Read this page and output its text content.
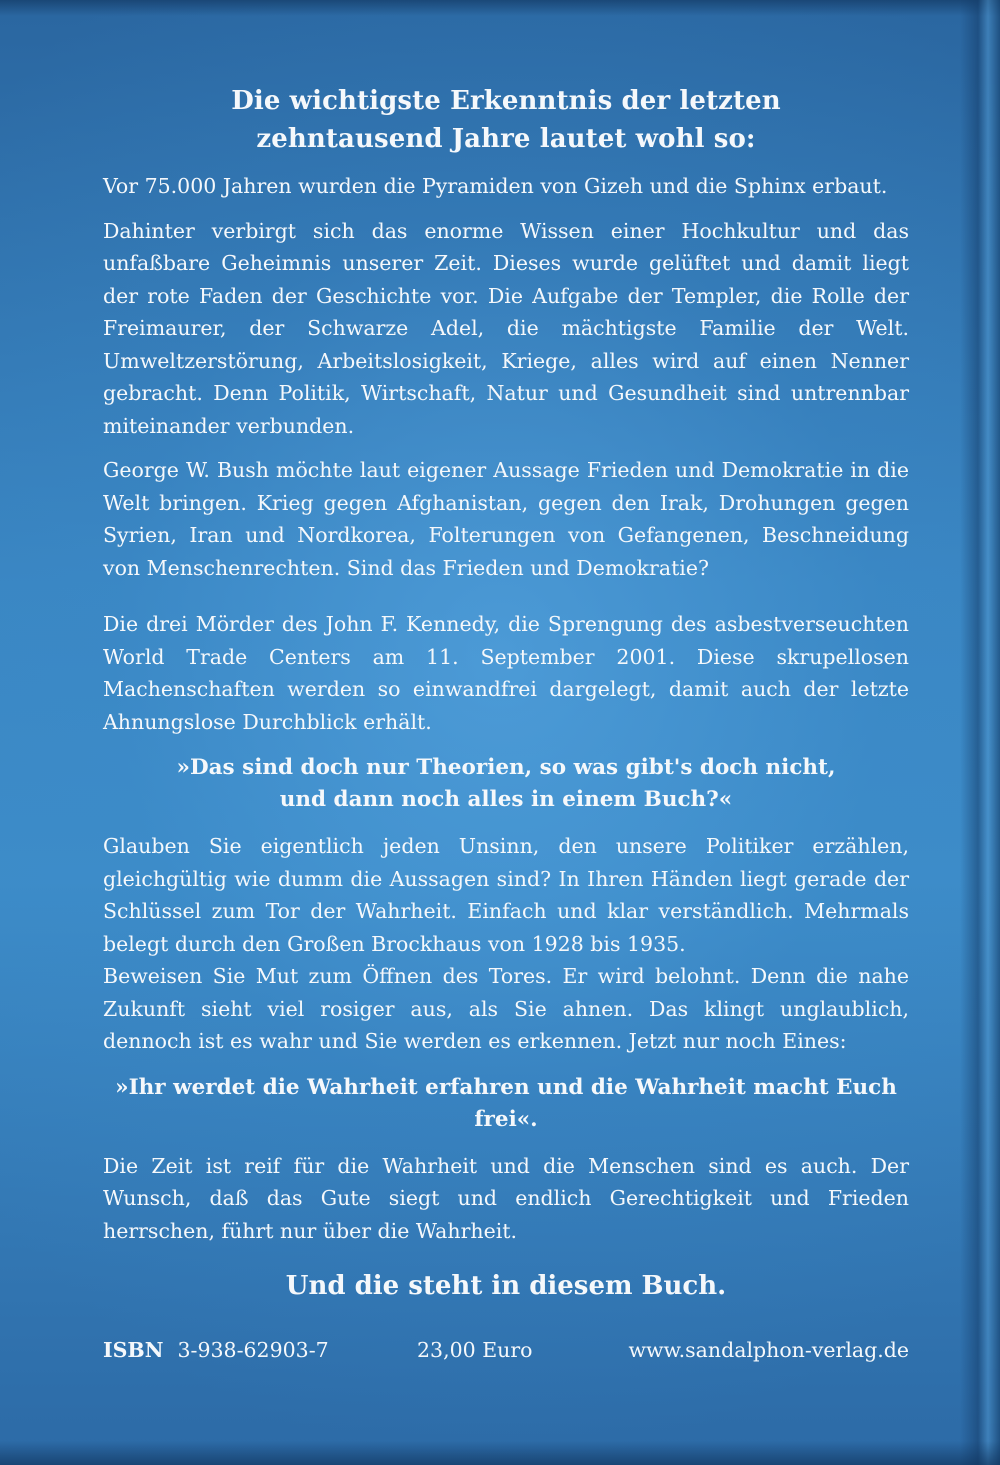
Die wichtigste Erkenntnis der letzten
zehntausend Jahre lautet wohl so:

Vor 75.000 Jahren wurden die Pyramiden von Gizeh und die Sphinx erbaut.

Dahinter verbirgt sich das enorme Wissen einer Hochkultur und das unfaßbare Geheimnis unserer Zeit. Dieses wurde gelüftet und damit liegt der rote Faden der Geschichte vor. Die Aufgabe der Templer, die Rolle der Freimaurer, der Schwarze Adel, die mächtigste Familie der Welt. Umweltzerstörung, Arbeitslosigkeit, Kriege, alles wird auf einen Nenner gebracht. Denn Politik, Wirtschaft, Natur und Gesundheit sind untrennbar miteinander verbunden.

George W. Bush möchte laut eigener Aussage Frieden und Demokratie in die Welt bringen. Krieg gegen Afghanistan, gegen den Irak, Drohungen gegen Syrien, Iran und Nordkorea, Folterungen von Gefangenen, Beschneidung von Menschenrechten. Sind das Frieden und Demokratie?

Die drei Mörder des John F. Kennedy, die Sprengung des asbestverseuchten World Trade Centers am 11. September 2001. Diese skrupellosen Machenschaften werden so einwandfrei dargelegt, damit auch der letzte Ahnungslose Durchblick erhält.

»Das sind doch nur Theorien, so was gibt's doch nicht,
und dann noch alles in einem Buch?«

Glauben Sie eigentlich jeden Unsinn, den unsere Politiker erzählen, gleichgültig wie dumm die Aussagen sind? In Ihren Händen liegt gerade der Schlüssel zum Tor der Wahrheit. Einfach und klar verständlich. Mehrmals belegt durch den Großen Brockhaus von 1928 bis 1935.

Beweisen Sie Mut zum Öffnen des Tores. Er wird belohnt. Denn die nahe Zukunft sieht viel rosiger aus, als Sie ahnen. Das klingt unglaublich, dennoch ist es wahr und Sie werden es erkennen. Jetzt nur noch Eines:

»Ihr werdet die Wahrheit erfahren und die Wahrheit macht Euch frei«.

Die Zeit ist reif für die Wahrheit und die Menschen sind es auch. Der Wunsch, daß das Gute siegt und endlich Gerechtigkeit und Frieden herrschen, führt nur über die Wahrheit.

Und die steht in diesem Buch.
ISBN 3-938-62903-7	23,00 Euro	www.sandalphon-verlag.de
